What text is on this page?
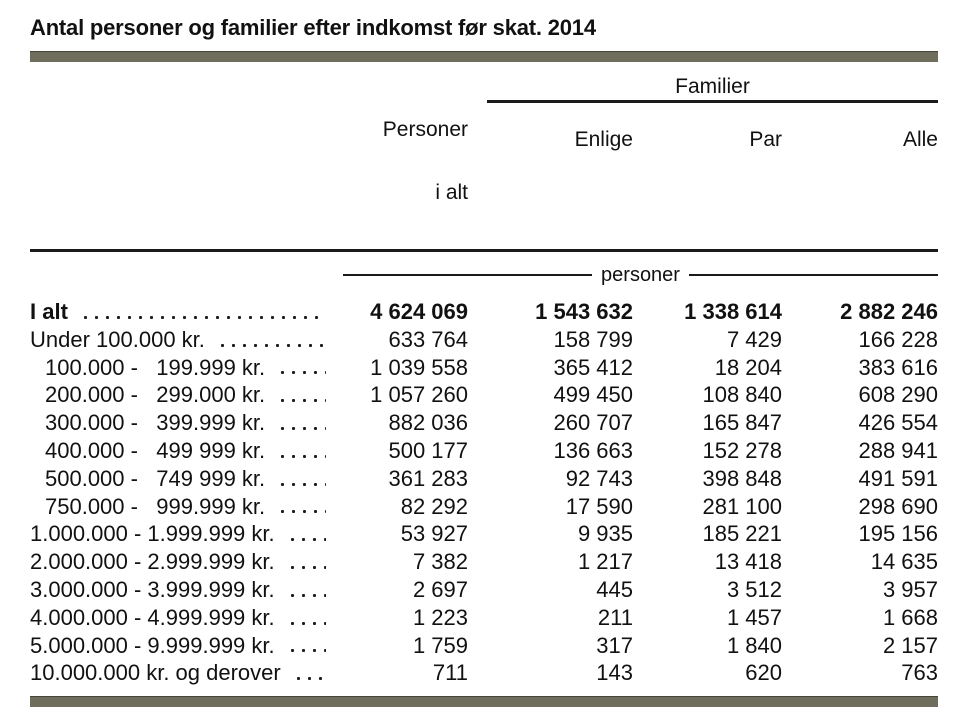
Antal personer og familier efter indkomst før skat. 2014

Personer

i alt

Familier
Enlige	Par	Alle
personer
I alt	4 624 069	1 543 632	1 338 614	2 882 246
Under 100.000 kr.	633 764	158 799	7 429	166 228
100.000 -   199.999 kr.	1 039 558	365 412	18 204	383 616
200.000 -   299.000 kr.	1 057 260	499 450	108 840	608 290
300.000 -   399.999 kr.	882 036	260 707	165 847	426 554
400.000 -   499 999 kr.	500 177	136 663	152 278	288 941
500.000 -   749 999 kr.	361 283	92 743	398 848	491 591
750.000 -   999.999 kr.	82 292	17 590	281 100	298 690
1.000.000 - 1.999.999 kr.	53 927	9 935	185 221	195 156
2.000.000 - 2.999.999 kr.	7 382	1 217	13 418	14 635
3.000.000 - 3.999.999 kr.	2 697	445	3 512	3 957
4.000.000 - 4.999.999 kr.	1 223	211	1 457	1 668
5.000.000 - 9.999.999 kr.	1 759	317	1 840	2 157
10.000.000 kr. og derover	711	143	620	763
